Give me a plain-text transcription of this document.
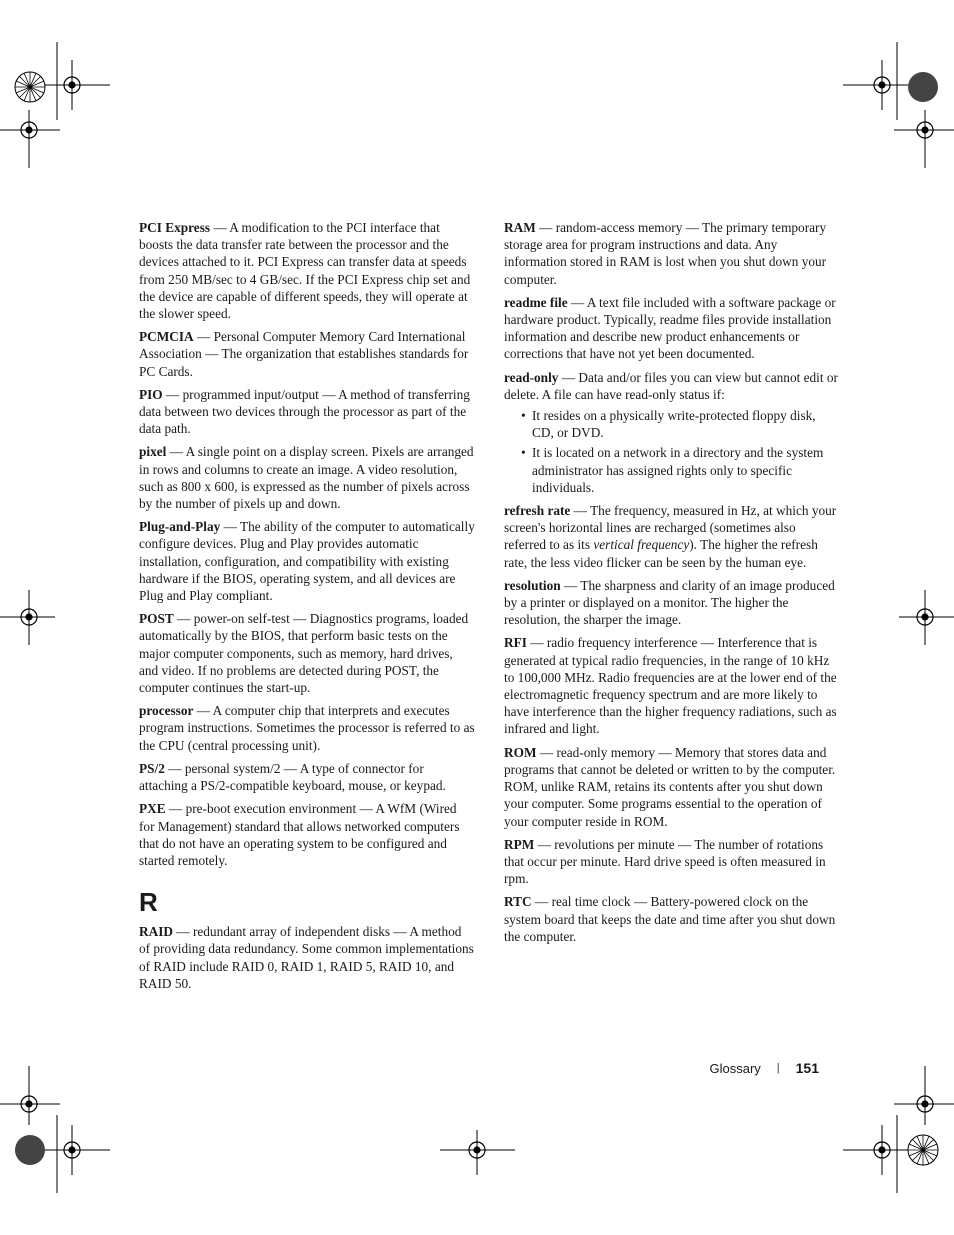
PCI Express — A modification to the PCI interface that boosts the data transfer rate between the processor and the devices attached to it. PCI Express can transfer data at speeds from 250 MB/sec to 4 GB/sec. If the PCI Express chip set and the device are capable of different speeds, they will operate at the slower speed.

PCMCIA — Personal Computer Memory Card International Association — The organization that establishes standards for PC Cards.

PIO — programmed input/output — A method of transferring data between two devices through the processor as part of the data path.

pixel — A single point on a display screen. Pixels are arranged in rows and columns to create an image. A video resolution, such as 800 x 600, is expressed as the number of pixels across by the number of pixels up and down.

Plug-and-Play — The ability of the computer to automatically configure devices. Plug and Play provides automatic installation, configuration, and compatibility with existing hardware if the BIOS, operating system, and all devices are Plug and Play compliant.

POST — power-on self-test — Diagnostics programs, loaded automatically by the BIOS, that perform basic tests on the major computer components, such as memory, hard drives, and video. If no problems are detected during POST, the computer continues the start-up.

processor — A computer chip that interprets and executes program instructions. Sometimes the processor is referred to as the CPU (central processing unit).

PS/2 — personal system/2 — A type of connector for attaching a PS/2-compatible keyboard, mouse, or keypad.

PXE — pre-boot execution environment — A WfM (Wired for Management) standard that allows networked computers that do not have an operating system to be configured and started remotely.

R

RAID — redundant array of independent disks — A method of providing data redundancy. Some common implementations of RAID include RAID 0, RAID 1, RAID 5, RAID 10, and RAID 50.

RAM — random-access memory — The primary temporary storage area for program instructions and data. Any information stored in RAM is lost when you shut down your computer.

readme file — A text file included with a software package or hardware product. Typically, readme files provide installation information and describe new product enhancements or corrections that have not yet been documented.

read-only — Data and/or files you can view but cannot edit or delete. A file can have read-only status if:

• It resides on a physically write-protected floppy disk, CD, or DVD.
• It is located on a network in a directory and the system administrator has assigned rights only to specific individuals.

refresh rate — The frequency, measured in Hz, at which your screen's horizontal lines are recharged (sometimes also referred to as its vertical frequency). The higher the refresh rate, the less video flicker can be seen by the human eye.

resolution — The sharpness and clarity of an image produced by a printer or displayed on a monitor. The higher the resolution, the sharper the image.

RFI — radio frequency interference — Interference that is generated at typical radio frequencies, in the range of 10 kHz to 100,000 MHz. Radio frequencies are at the lower end of the electromagnetic frequency spectrum and are more likely to have interference than the higher frequency radiations, such as infrared and light.

ROM — read-only memory — Memory that stores data and programs that cannot be deleted or written to by the computer. ROM, unlike RAM, retains its contents after you shut down your computer. Some programs essential to the operation of your computer reside in ROM.

RPM — revolutions per minute — The number of rotations that occur per minute. Hard drive speed is often measured in rpm.

RTC — real time clock — Battery-powered clock on the system board that keeps the date and time after you shut down the computer.

Glossary | 151
